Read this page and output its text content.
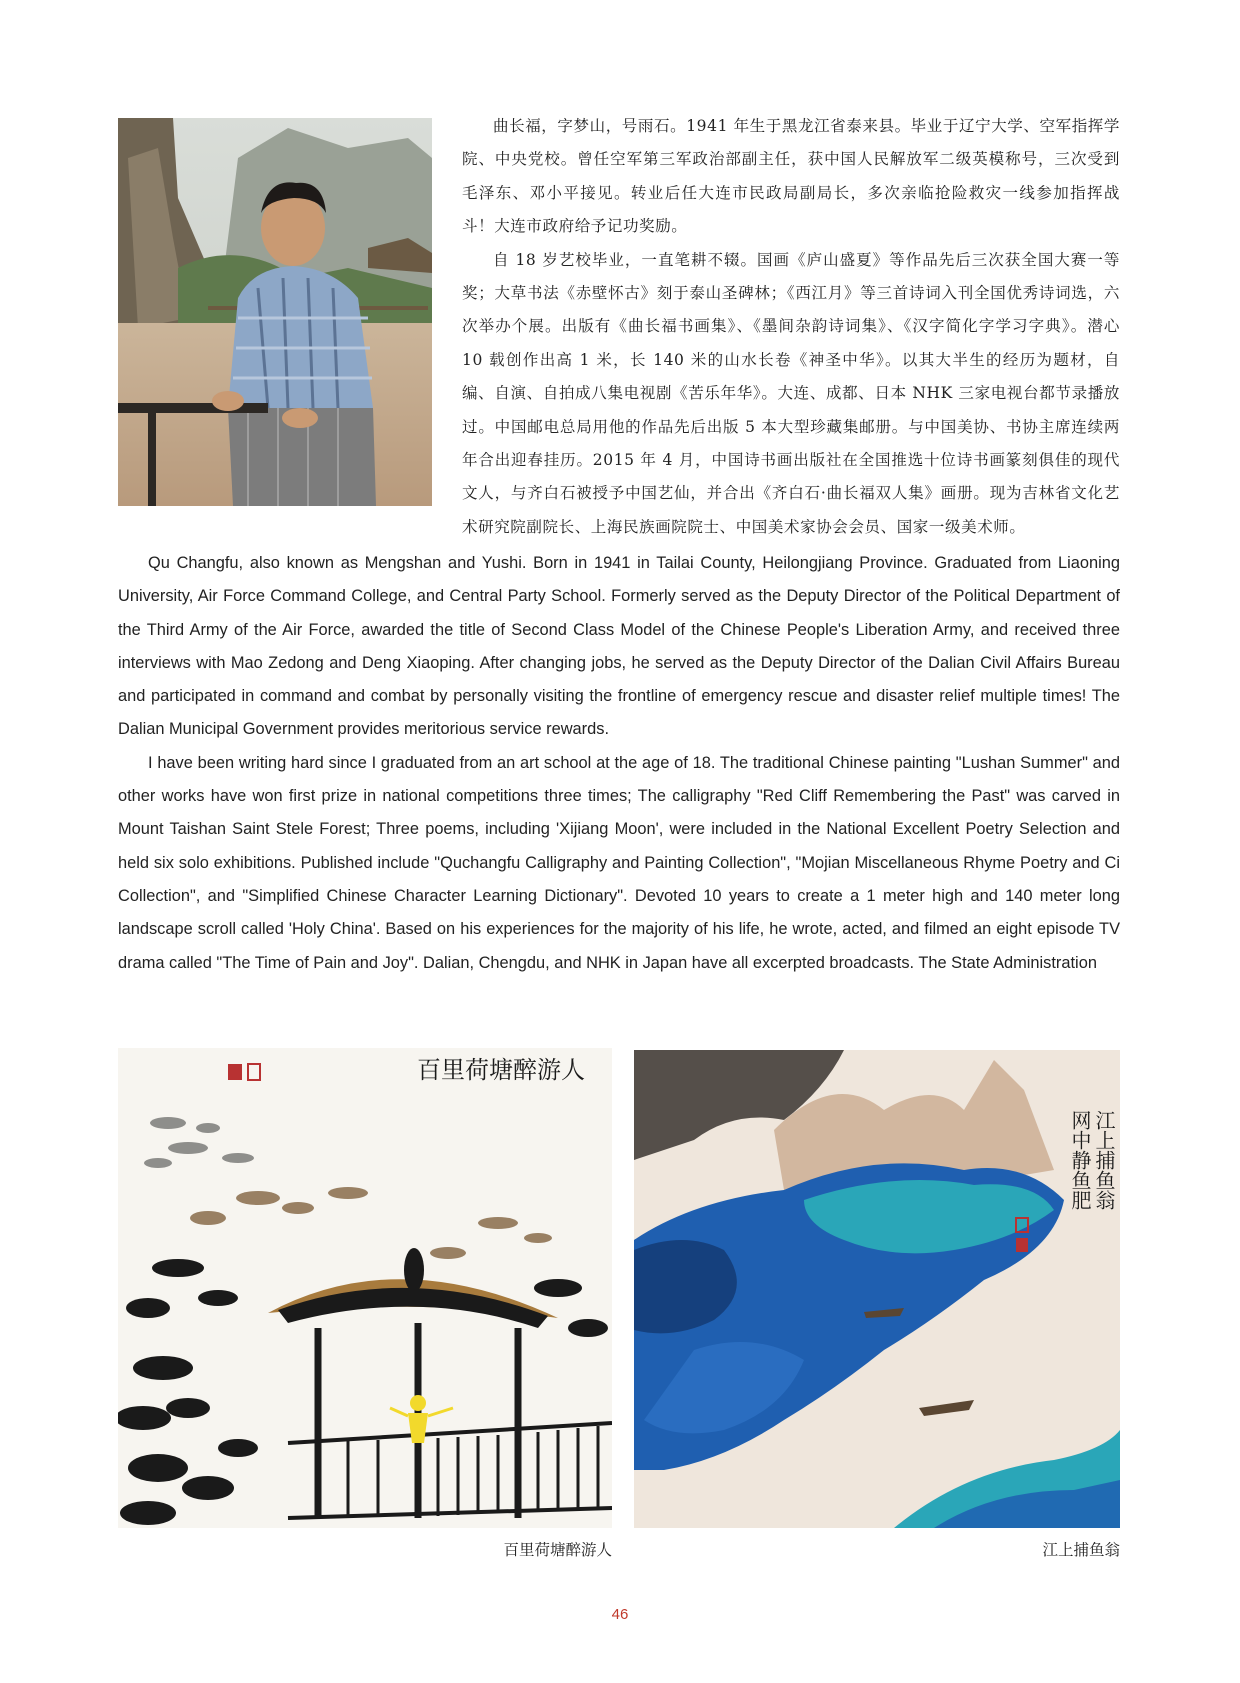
曲长福，字梦山，号雨石。1941 年生于黑龙江省泰来县。毕业于辽宁大学、空军指挥学院、中央党校。曾任空军第三军政治部副主任，获中国人民解放军二级英模称号，三次受到毛泽东、邓小平接见。转业后任大连市民政局副局长，多次亲临抢险救灾一线参加指挥战斗！大连市政府给予记功奖励。

自 18 岁艺校毕业，一直笔耕不辍。国画《庐山盛夏》等作品先后三次获全国大赛一等奖；大草书法《赤壁怀古》刻于泰山圣碑林；《西江月》等三首诗词入刊全国优秀诗词选，六次举办个展。出版有《曲长福书画集》、《墨间杂韵诗词集》、《汉字简化字学习字典》。潜心 10 载创作出高 1 米，长 140 米的山水长卷《神圣中华》。以其大半生的经历为题材，自编、自演、自拍成八集电视剧《苦乐年华》。大连、成都、日本 NHK 三家电视台都节录播放过。中国邮电总局用他的作品先后出版 5 本大型珍藏集邮册。与中国美协、书协主席连续两年合出迎春挂历。2015 年 4 月，中国诗书画出版社在全国推选十位诗书画篆刻俱佳的现代文人，与齐白石被授予中国艺仙，并合出《齐白石·曲长福双人集》画册。现为吉林省文化艺术研究院副院长、上海民族画院院士、中国美术家协会会员、国家一级美术师。

Qu Changfu, also known as Mengshan and Yushi. Born in 1941 in Tailai County, Heilongjiang Province. Graduated from Liaoning University, Air Force Command College, and Central Party School. Formerly served as the Deputy Director of the Political Department of the Third Army of the Air Force, awarded the title of Second Class Model of the Chinese People's Liberation Army, and received three interviews with Mao Zedong and Deng Xiaoping. After changing jobs, he served as the Deputy Director of the Dalian Civil Affairs Bureau and participated in command and combat by personally visiting the frontline of emergency rescue and disaster relief multiple times! The Dalian Municipal Government provides meritorious service rewards.

I have been writing hard since I graduated from an art school at the age of 18. The traditional Chinese painting "Lushan Summer" and other works have won first prize in national competitions three times; The calligraphy "Red Cliff Remembering the Past" was carved in Mount Taishan Saint Stele Forest; Three poems, including 'Xijiang Moon', were included in the National Excellent Poetry Selection and held six solo exhibitions. Published include "Quchangfu Calligraphy and Painting Collection", "Mojian Miscellaneous Rhyme Poetry and Ci Collection", and "Simplified Chinese Character Learning Dictionary". Devoted 10 years to create a 1 meter high and 140 meter long landscape scroll called 'Holy China'. Based on his experiences for the majority of his life, he wrote, acted, and filmed an eight episode TV drama called "The Time of Pain and Joy". Dalian, Chengdu, and NHK in Japan have all excerpted broadcasts. The State Administration

百里荷塘醉游人
江上捕鱼翁
网中静鱼肥
百里荷塘醉游人	江上捕鱼翁
46
